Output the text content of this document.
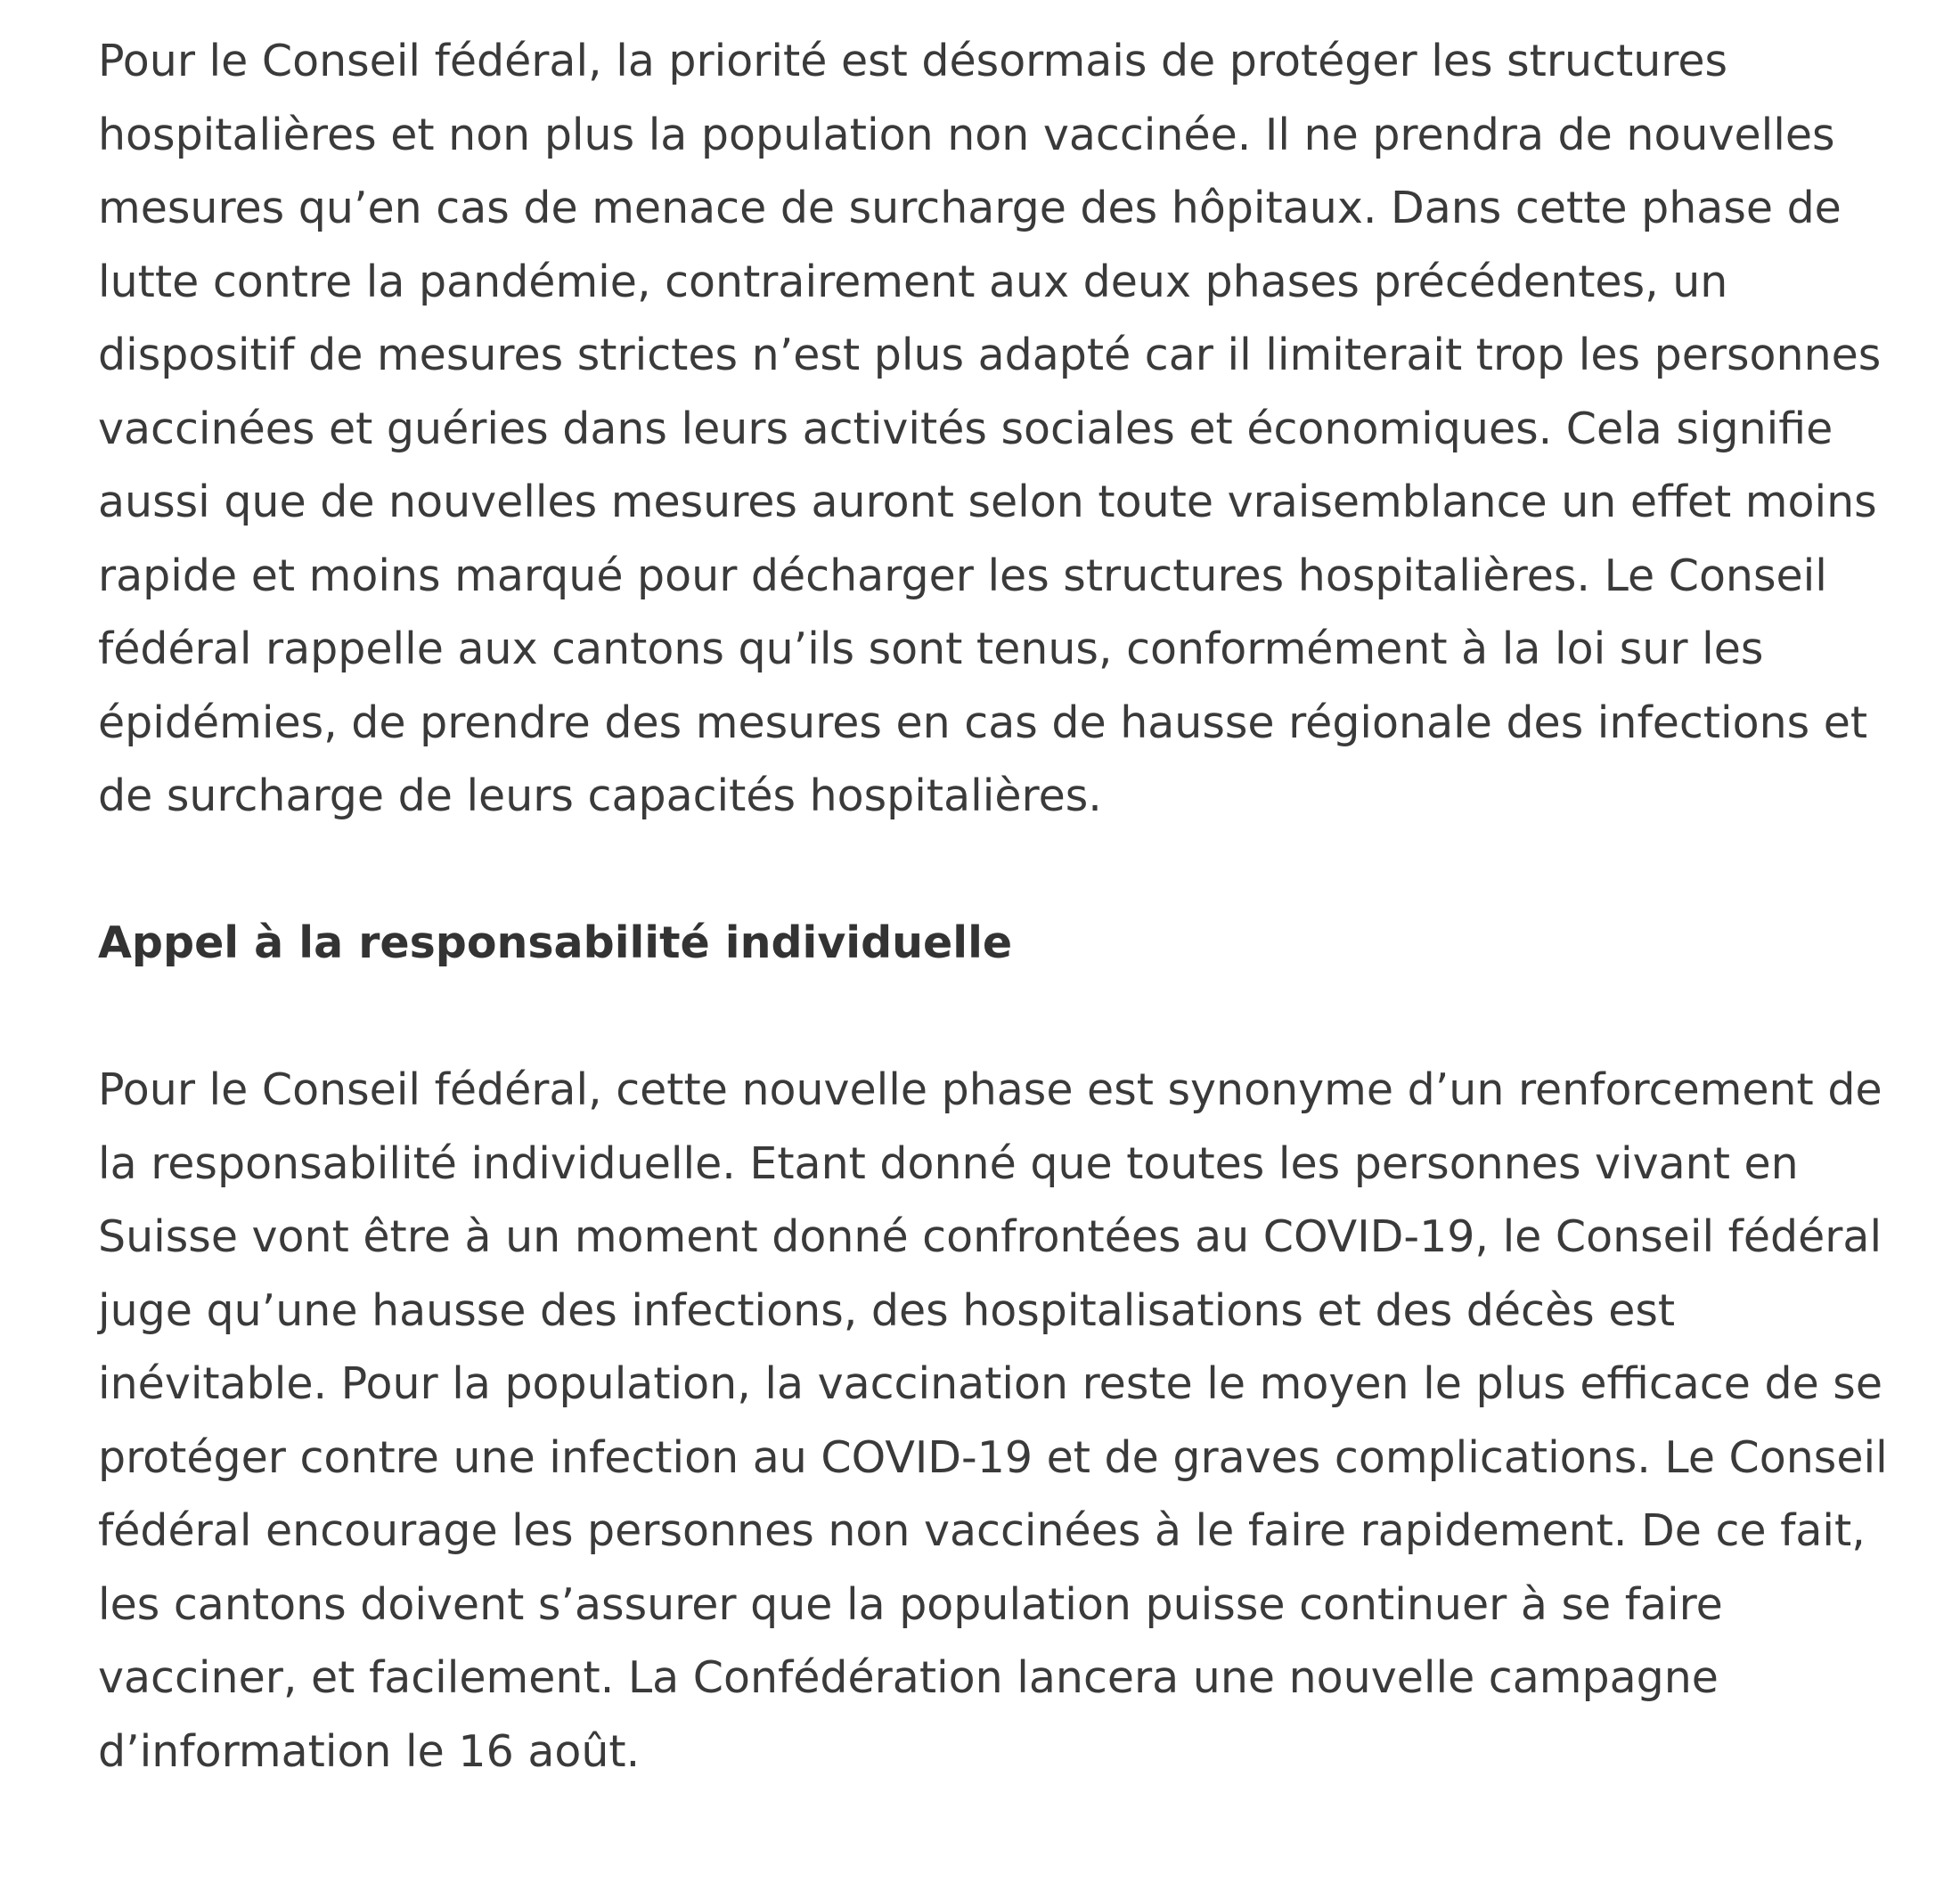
Pour le Conseil fédéral, la priorité est désormais de protéger les structures hospitalières et non plus la population non vaccinée. Il ne prendra de nouvelles mesures qu’en cas de menace de surcharge des hôpitaux. Dans cette phase de lutte contre la pandémie, contrairement aux deux phases précédentes, un dispositif de mesures strictes n’est plus adapté car il limiterait trop les personnes vaccinées et guéries dans leurs activités sociales et économiques. Cela signifie aussi que de nouvelles mesures auront selon toute vraisemblance un effet moins rapide et moins marqué pour décharger les structures hospitalières. Le Conseil fédéral rappelle aux cantons qu’ils sont tenus, conformément à la loi sur les épidémies, de prendre des mesures en cas de hausse régionale des infections et de surcharge de leurs capacités hospitalières.

Appel à la responsabilité individuelle

Pour le Conseil fédéral, cette nouvelle phase est synonyme d’un renforcement de la responsabilité individuelle. Etant donné que toutes les personnes vivant en Suisse vont être à un moment donné confrontées au COVID-19, le Conseil fédéral juge qu’une hausse des infections, des hospitalisations et des décès est inévitable. Pour la population, la vaccination reste le moyen le plus efficace de se protéger contre une infection au COVID-19 et de graves complications. Le Conseil fédéral encourage les personnes non vaccinées à le faire rapidement. De ce fait, les cantons doivent s’assurer que la population puisse continuer à se faire vacciner, et facilement. La Confédération lancera une nouvelle campagne d’information le 16 août.
